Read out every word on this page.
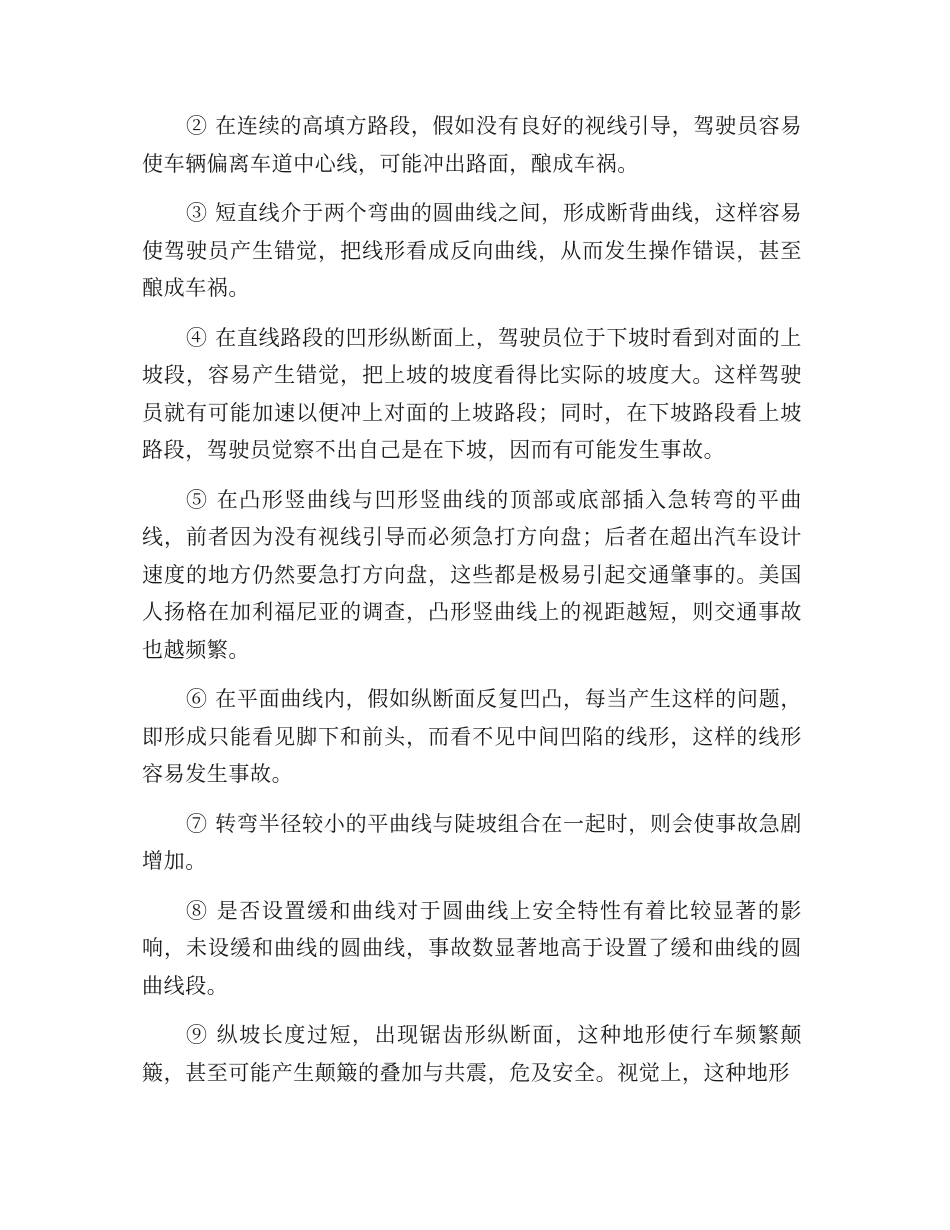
② 在连续的高填方路段，假如没有良好的视线引导，驾驶员容易使车辆偏离车道中心线，可能冲出路面，酿成车祸。

③ 短直线介于两个弯曲的圆曲线之间，形成断背曲线，这样容易使驾驶员产生错觉，把线形看成反向曲线，从而发生操作错误，甚至酿成车祸。

④ 在直线路段的凹形纵断面上，驾驶员位于下坡时看到对面的上坡段，容易产生错觉，把上坡的坡度看得比实际的坡度大。这样驾驶员就有可能加速以便冲上对面的上坡路段；同时，在下坡路段看上坡路段，驾驶员觉察不出自己是在下坡，因而有可能发生事故。

⑤ 在凸形竖曲线与凹形竖曲线的顶部或底部插入急转弯的平曲线，前者因为没有视线引导而必须急打方向盘；后者在超出汽车设计速度的地方仍然要急打方向盘，这些都是极易引起交通肇事的。美国人扬格在加利福尼亚的调查，凸形竖曲线上的视距越短，则交通事故也越频繁。

⑥ 在平面曲线内，假如纵断面反复凹凸，每当产生这样的问题，即形成只能看见脚下和前头，而看不见中间凹陷的线形，这样的线形容易发生事故。

⑦ 转弯半径较小的平曲线与陡坡组合在一起时，则会使事故急剧增加。

⑧ 是否设置缓和曲线对于圆曲线上安全特性有着比较显著的影响，未设缓和曲线的圆曲线，事故数显著地高于设置了缓和曲线的圆曲线段。

⑨ 纵坡长度过短，出现锯齿形纵断面，这种地形使行车频繁颠簸，甚至可能产生颠簸的叠加与共震，危及安全。视觉上，这种地形
